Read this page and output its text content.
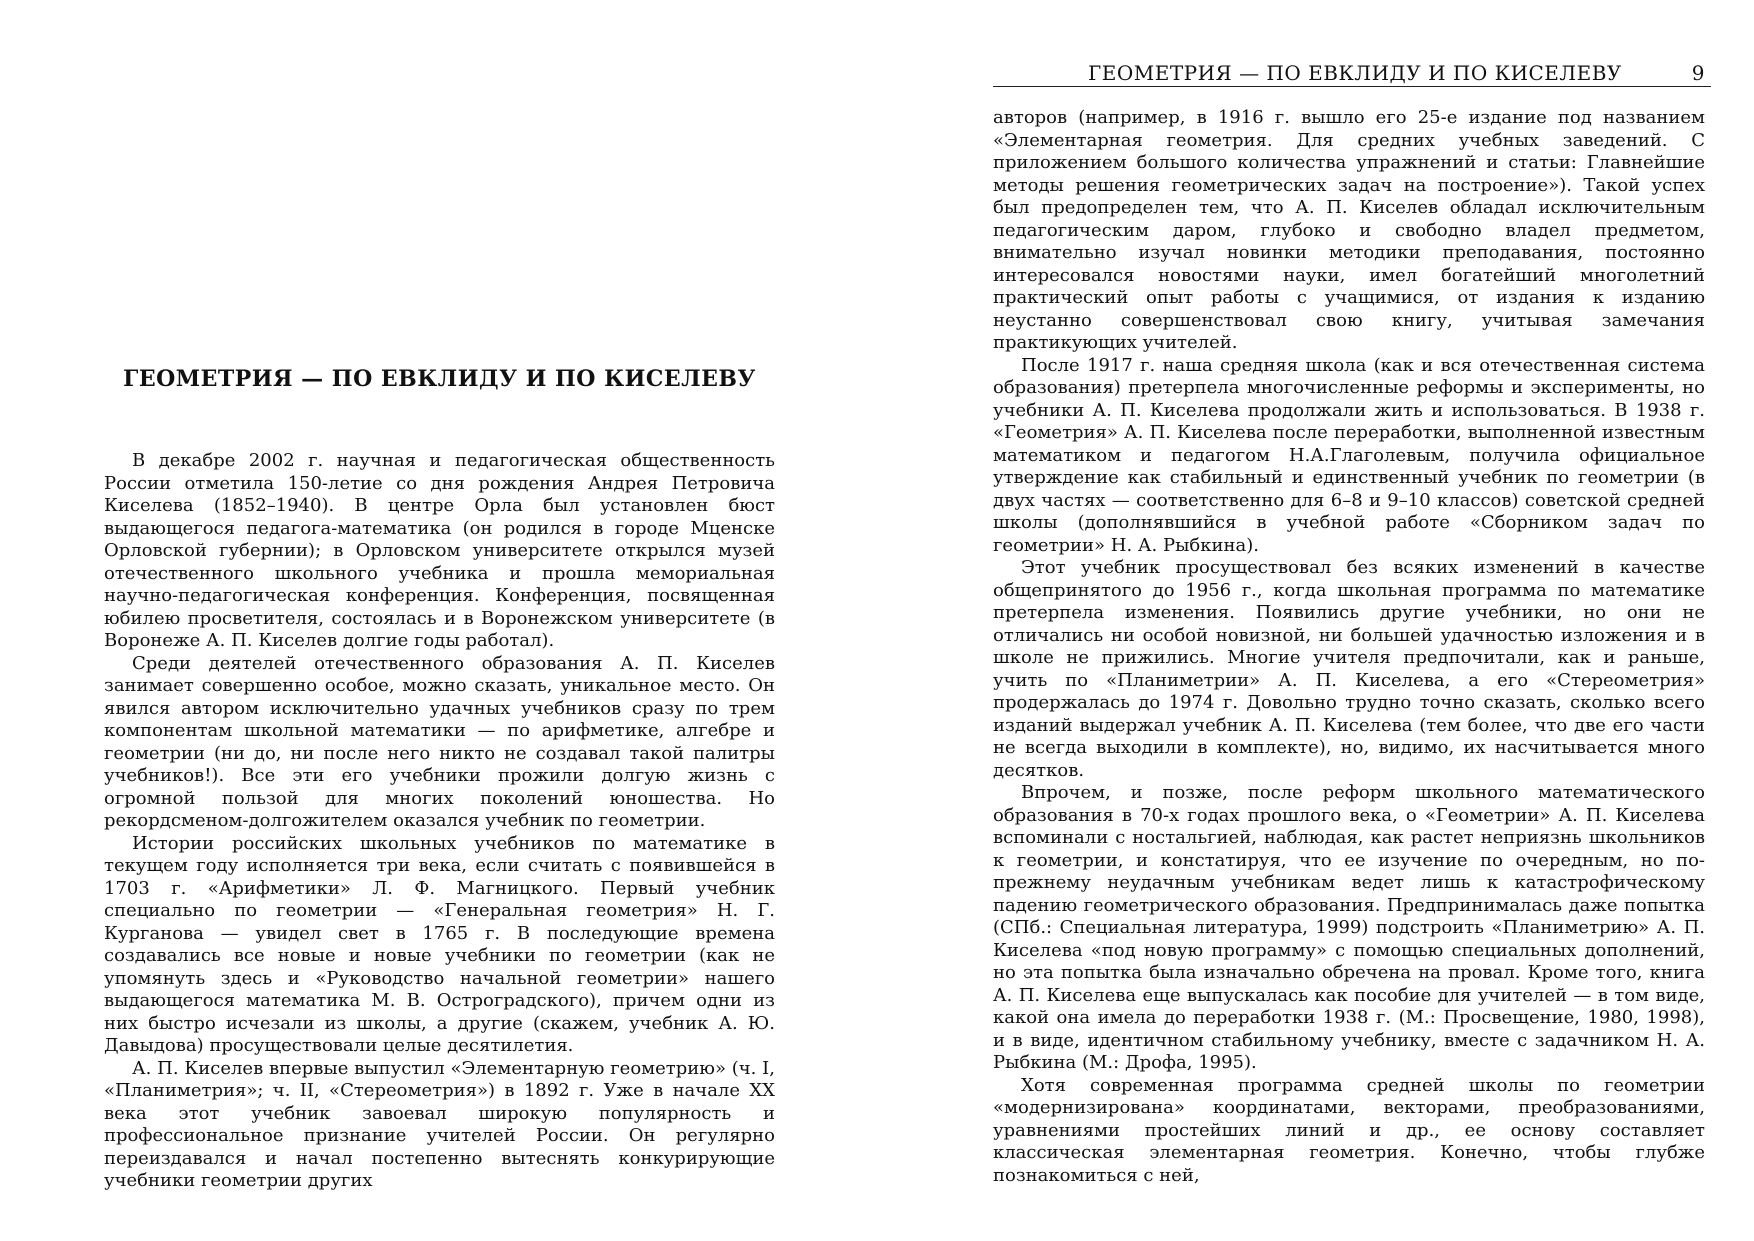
ГЕОМЕТРИЯ — ПО ЕВКЛИДУ И ПО КИСЕЛЕВУ

В декабре 2002 г. научная и педагогическая общественность России отметила 150-летие со дня рождения Андрея Петровича Киселева (1852–1940). В центре Орла был установлен бюст выдающегося педагога-математика (он родился в городе Мценске Орловской губернии); в Орловском университете открылся музей отечественного школьного учебника и прошла мемориальная научно-педагогическая конференция. Конференция, посвященная юбилею просветителя, состоялась и в Воронежском университете (в Воронеже А. П. Киселев долгие годы работал).

Среди деятелей отечественного образования А. П. Киселев занимает совершенно особое, можно сказать, уникальное место. Он явился автором исключительно удачных учебников сразу по трем компонентам школьной математики — по арифметике, алгебре и геометрии (ни до, ни после него никто не создавал такой палитры учебников!). Все эти его учебники прожили долгую жизнь с огромной пользой для многих поколений юношества. Но рекордсменом-долгожителем оказался учебник по геометрии.

Истории российских школьных учебников по математике в текущем году исполняется три века, если считать с появившейся в 1703 г. «Арифметики» Л. Ф. Магницкого. Первый учебник специально по геометрии — «Генеральная геометрия» Н. Г. Курганова — увидел свет в 1765 г. В последующие времена создавались все новые и новые учебники по геометрии (как не упомянуть здесь и «Руководство начальной геометрии» нашего выдающегося математика М. В. Остроградского), причем одни из них быстро исчезали из школы, а другие (скажем, учебник А. Ю. Давыдова) просуществовали целые десятилетия.

А. П. Киселев впервые выпустил «Элементарную геометрию» (ч. I, «Планиметрия»; ч. II, «Стереометрия») в 1892 г. Уже в начале XX века этот учебник завоевал широкую популярность и профессиональное признание учителей России. Он регулярно переиздавался и начал постепенно вытеснять конкурирующие учебники геометрии других

ГЕОМЕТРИЯ — ПО ЕВКЛИДУ И ПО КИСЕЛЕВУ	9

авторов (например, в 1916 г. вышло его 25-е издание под названием «Элементарная геометрия. Для средних учебных заведений. С приложением большого количества упражнений и статьи: Главнейшие методы решения геометрических задач на построение»). Такой успех был предопределен тем, что А. П. Киселев обладал исключительным педагогическим даром, глубоко и свободно владел предметом, внимательно изучал новинки методики преподавания, постоянно интересовался новостями науки, имел богатейший многолетний практический опыт работы с учащимися, от издания к изданию неустанно совершенствовал свою книгу, учитывая замечания практикующих учителей.

После 1917 г. наша средняя школа (как и вся отечественная система образования) претерпела многочисленные реформы и эксперименты, но учебники А. П. Киселева продолжали жить и использоваться. В 1938 г. «Геометрия» А. П. Киселева после переработки, выполненной известным математиком и педагогом Н.А.Глаголевым, получила официальное утверждение как стабильный и единственный учебник по геометрии (в двух частях — соответственно для 6–8 и 9–10 классов) советской средней школы (дополнявшийся в учебной работе «Сборником задач по геометрии» Н. А. Рыбкина).

Этот учебник просуществовал без всяких изменений в качестве общепринятого до 1956 г., когда школьная программа по математике претерпела изменения. Появились другие учебники, но они не отличались ни особой новизной, ни большей удачностью изложения и в школе не прижились. Многие учителя предпочитали, как и раньше, учить по «Планиметрии» А. П. Киселева, а его «Стереометрия» продержалась до 1974 г. Довольно трудно точно сказать, сколько всего изданий выдержал учебник А. П. Киселева (тем более, что две его части не всегда выходили в комплекте), но, видимо, их насчитывается много десятков.

Впрочем, и позже, после реформ школьного математического образования в 70-х годах прошлого века, о «Геометрии» А. П. Киселева вспоминали с ностальгией, наблюдая, как растет неприязнь школьников к геометрии, и констатируя, что ее изучение по очередным, но по-прежнему неудачным учебникам ведет лишь к катастрофическому падению геометрического образования. Предпринималась даже попытка (СПб.: Специальная литература, 1999) подстроить «Планиметрию» А. П. Киселева «под новую программу» с помощью специальных дополнений, но эта попытка была изначально обречена на провал. Кроме того, книга А. П. Киселева еще выпускалась как пособие для учителей — в том виде, какой она имела до переработки 1938 г. (М.: Просвещение, 1980, 1998), и в виде, идентичном стабильному учебнику, вместе с задачником Н. А. Рыбкина (М.: Дрофа, 1995).

Хотя современная программа средней школы по геометрии «модернизирована» координатами, векторами, преобразованиями, уравнениями простейших линий и др., ее основу составляет классическая элементарная геометрия. Конечно, чтобы глубже познакомиться с ней,
